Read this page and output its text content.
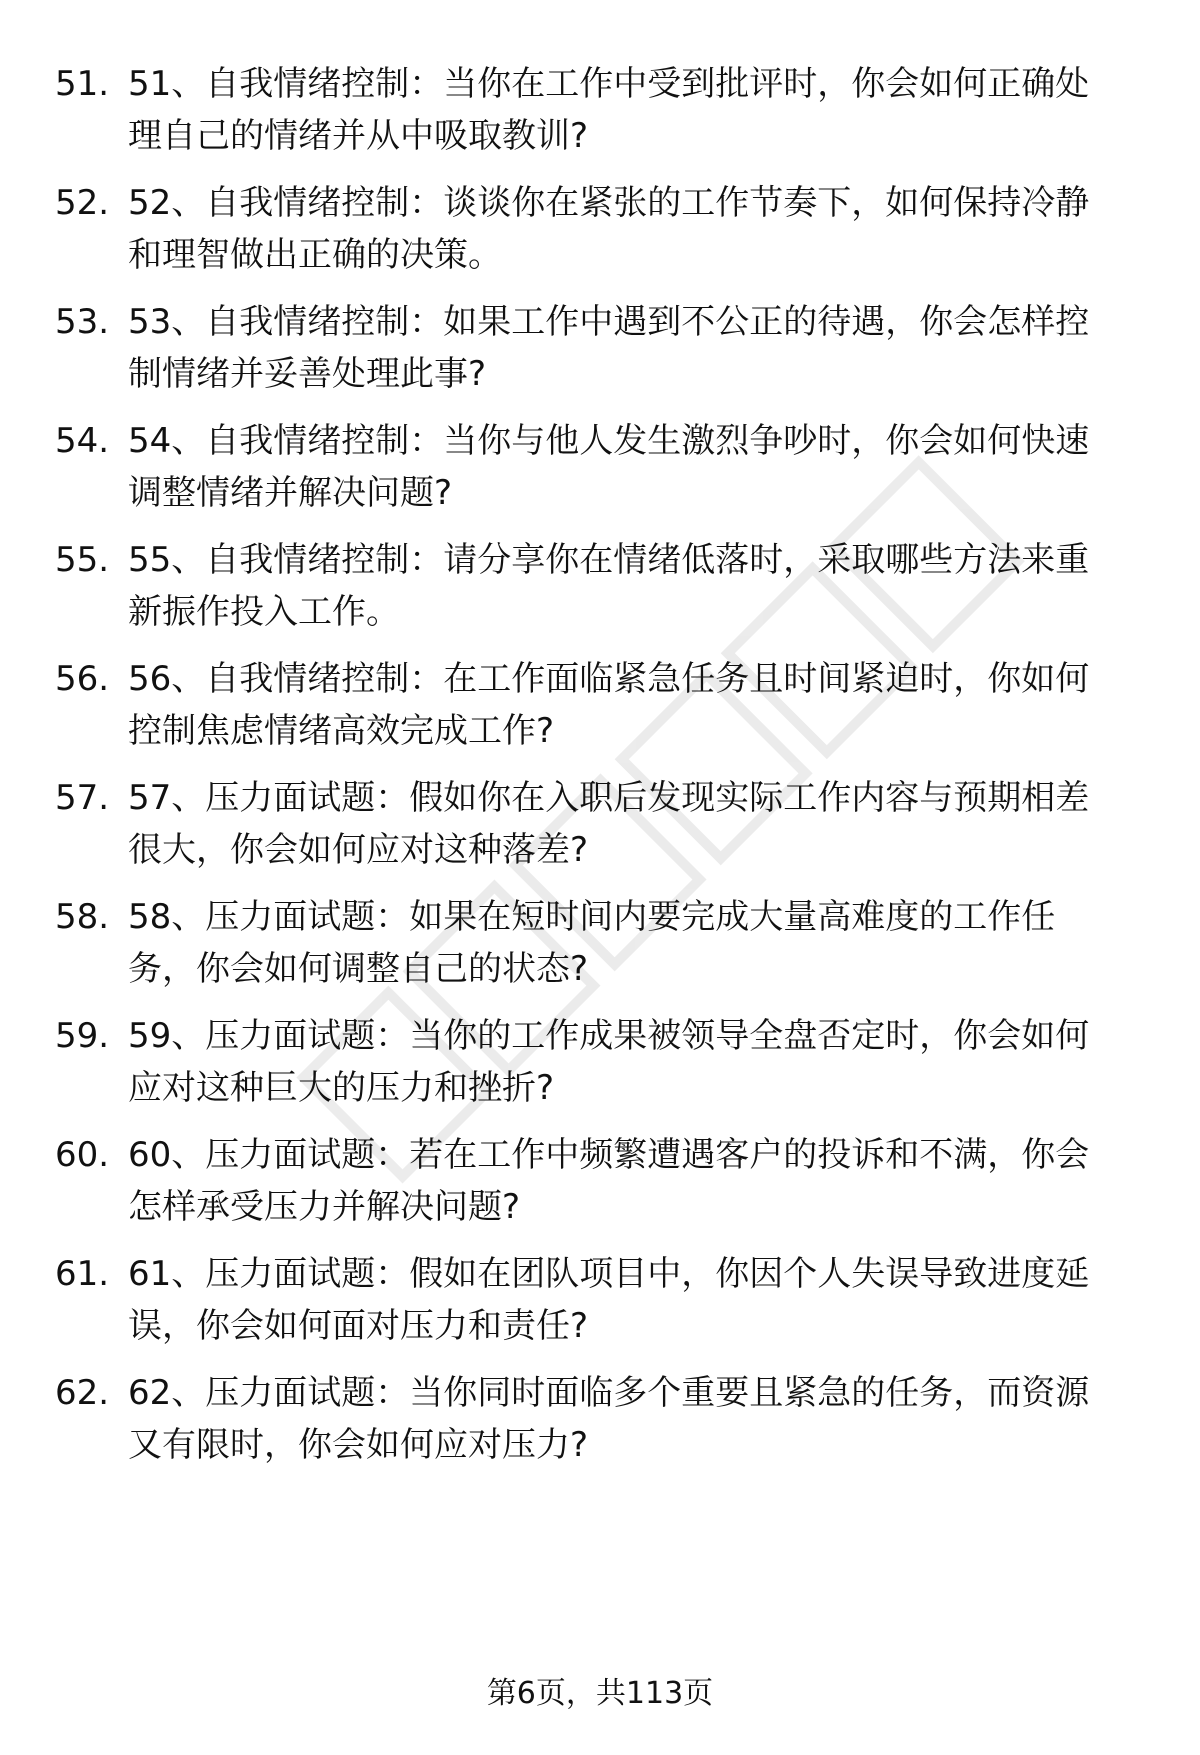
51. 51、自我情绪控制：当你在工作中受到批评时，你会如何正确处
理自己的情绪并从中吸取教训?

52. 52、自我情绪控制：谈谈你在紧张的工作节奏下，如何保持冷静
和理智做出正确的决策。

53. 53、自我情绪控制：如果工作中遇到不公正的待遇，你会怎样控
制情绪并妥善处理此事?

54. 54、自我情绪控制：当你与他人发生激烈争吵时，你会如何快速
调整情绪并解决问题?

55. 55、自我情绪控制：请分享你在情绪低落时，采取哪些方法来重
新振作投入工作。

56. 56、自我情绪控制：在工作面临紧急任务且时间紧迫时，你如何
控制焦虑情绪高效完成工作?

57. 57、压力面试题：假如你在入职后发现实际工作内容与预期相差
很大，你会如何应对这种落差?

58. 58、压力面试题：如果在短时间内要完成大量高难度的工作任
务，你会如何调整自己的状态?

59. 59、压力面试题：当你的工作成果被领导全盘否定时，你会如何
应对这种巨大的压力和挫折?

60. 60、压力面试题：若在工作中频繁遭遇客户的投诉和不满，你会
怎样承受压力并解决问题?

61. 61、压力面试题：假如在团队项目中，你因个人失误导致进度延
误，你会如何面对压力和责任?

62. 62、压力面试题：当你同时面临多个重要且紧急的任务，而资源
又有限时，你会如何应对压力?

第6页，共113页
